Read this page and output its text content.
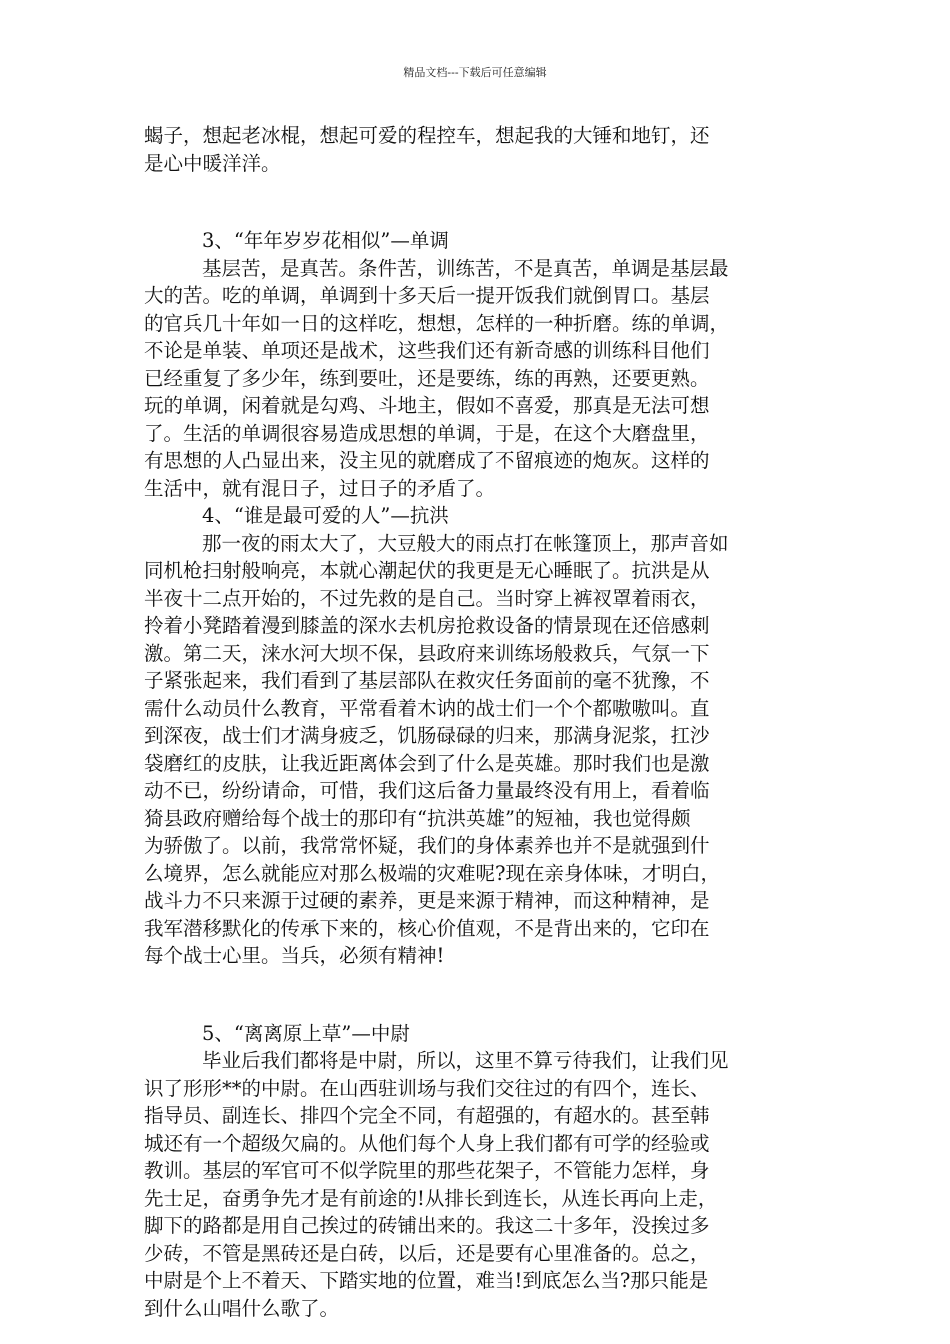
精品文档---下载后可任意编辑
蝎子，想起老冰棍，想起可爱的程控车，想起我的大锤和地钉，还
是心中暖洋洋。
3、“年年岁岁花相似”—单调
基层苦，是真苦。条件苦，训练苦，不是真苦，单调是基层最
大的苦。吃的单调，单调到十多天后一提开饭我们就倒胃口。基层
的官兵几十年如一日的这样吃，想想，怎样的一种折磨。练的单调，
不论是单装、单项还是战术，这些我们还有新奇感的训练科目他们
已经重复了多少年，练到要吐，还是要练，练的再熟，还要更熟。
玩的单调，闲着就是勾鸡、斗地主，假如不喜爱，那真是无法可想
了。生活的单调很容易造成思想的单调，于是，在这个大磨盘里，
有思想的人凸显出来，没主见的就磨成了不留痕迹的炮灰。这样的
生活中，就有混日子，过日子的矛盾了。
4、“谁是最可爱的人”—抗洪
那一夜的雨太大了，大豆般大的雨点打在帐篷顶上，那声音如
同机枪扫射般响亮，本就心潮起伏的我更是无心睡眠了。抗洪是从
半夜十二点开始的，不过先救的是自己。当时穿上裤衩罩着雨衣，
拎着小凳踏着漫到膝盖的深水去机房抢救设备的情景现在还倍感刺
激。第二天，涞水河大坝不保，县政府来训练场般救兵，气氛一下
子紧张起来，我们看到了基层部队在救灾任务面前的毫不犹豫，不
需什么动员什么教育，平常看着木讷的战士们一个个都嗷嗷叫。直
到深夜，战士们才满身疲乏，饥肠碌碌的归来，那满身泥浆，扛沙
袋磨红的皮肤，让我近距离体会到了什么是英雄。那时我们也是激
动不已，纷纷请命，可惜，我们这后备力量最终没有用上，看着临
猗县政府赠给每个战士的那印有“抗洪英雄”的短袖，我也觉得颇
为骄傲了。以前，我常常怀疑，我们的身体素养也并不是就强到什
么境界，怎么就能应对那么极端的灾难呢?现在亲身体味，才明白，
战斗力不只来源于过硬的素养，更是来源于精神，而这种精神，是
我军潜移默化的传承下来的，核心价值观，不是背出来的，它印在
每个战士心里。当兵，必须有精神!
5、“离离原上草”—中尉
毕业后我们都将是中尉，所以，这里不算亏待我们，让我们见
识了形形**的中尉。在山西驻训场与我们交往过的有四个，连长、
指导员、副连长、排四个完全不同，有超强的，有超水的。甚至韩
城还有一个超级欠扁的。从他们每个人身上我们都有可学的经验或
教训。基层的军官可不似学院里的那些花架子，不管能力怎样，身
先士足，奋勇争先才是有前途的!从排长到连长，从连长再向上走，
脚下的路都是用自己挨过的砖铺出来的。我这二十多年，没挨过多
少砖，不管是黑砖还是白砖，以后，还是要有心里准备的。总之，
中尉是个上不着天、下踏实地的位置，难当!到底怎么当?那只能是
到什么山唱什么歌了。
